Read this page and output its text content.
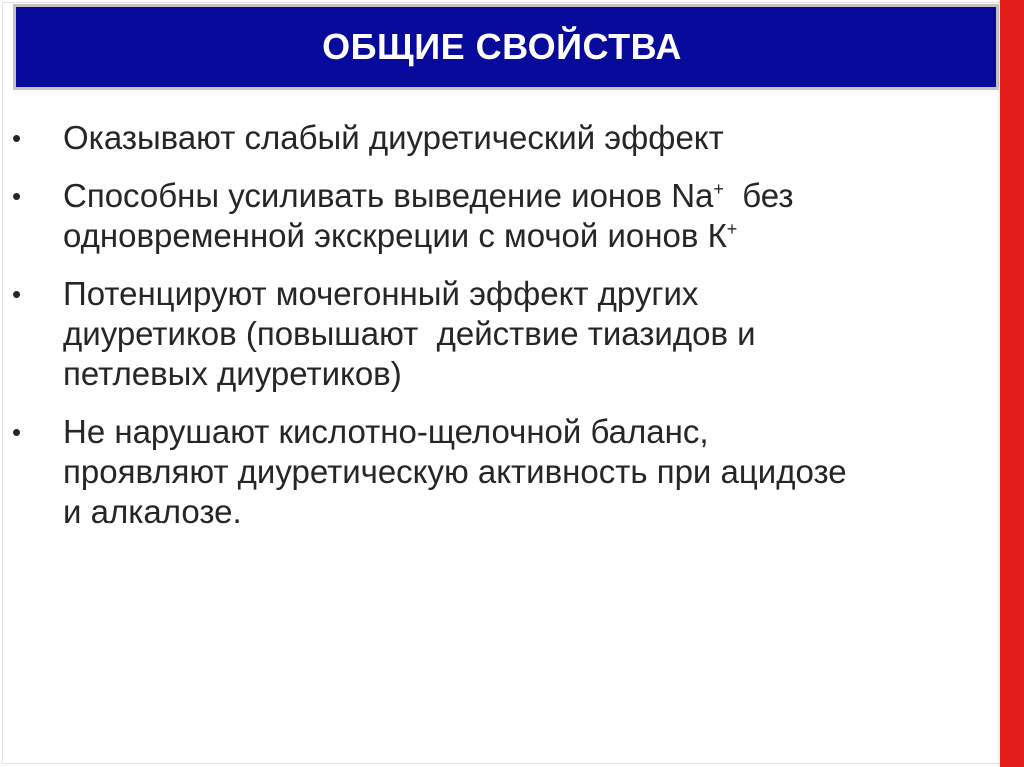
ОБЩИЕ СВОЙСТВА
• Оказывают слабый диуретический эффект
• Способны усиливать выведение ионов Na+  без
одновременной экскреции с мочой ионов К+
• Потенцируют мочегонный эффект других
диуретиков (повышают  действие тиазидов и
петлевых диуретиков)
• Не нарушают кислотно-щелочной баланс,
проявляют диуретическую активность при ацидозе
и алкалозе.
